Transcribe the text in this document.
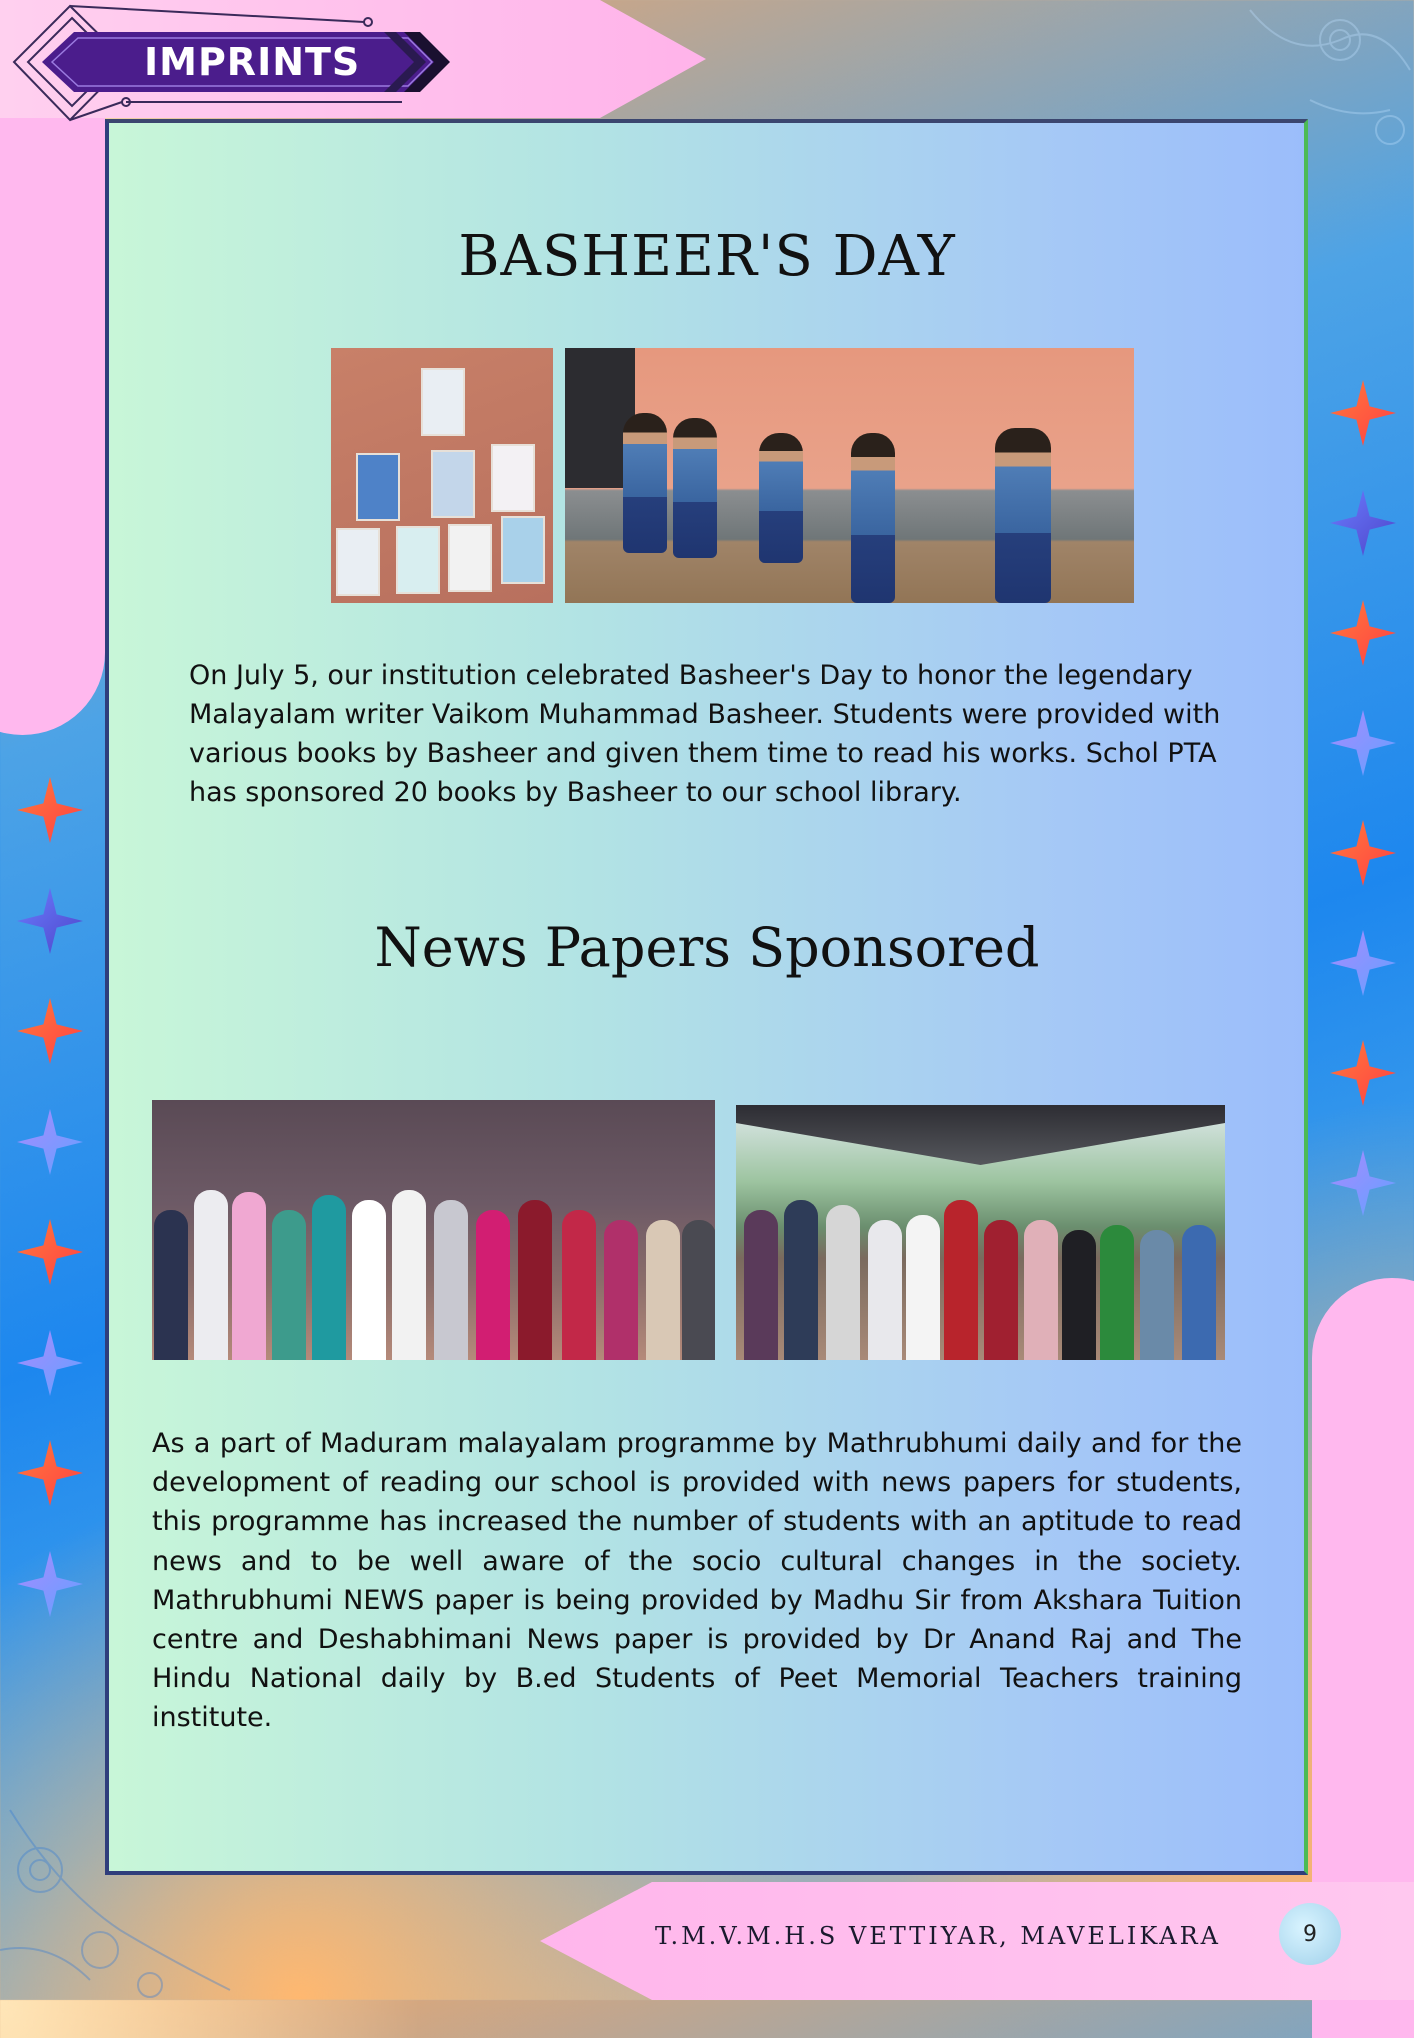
IMPRINTS
BASHEER'S DAY
On July 5, our institution celebrated Basheer's Day to honor the legendary Malayalam writer Vaikom Muhammad Basheer. Students were provided with various books by Basheer and given them time to read his works. Schol PTA has sponsored 20 books by Basheer to our school library.
News Papers Sponsored
As a part of Maduram malayalam programme by Mathrubhumi daily and for the development of reading our school is provided with news papers for students, this programme has increased the number of students with an aptitude to read news and to be well aware of the socio cultural changes in the society. Mathrubhumi NEWS paper is being provided by Madhu Sir from Akshara Tuition centre and Deshabhimani News paper is provided by Dr Anand Raj and The Hindu National daily by B.ed Students of Peet Memorial Teachers training institute.
T.M.V.M.H.S VETTIYAR, MAVELIKARA	9
